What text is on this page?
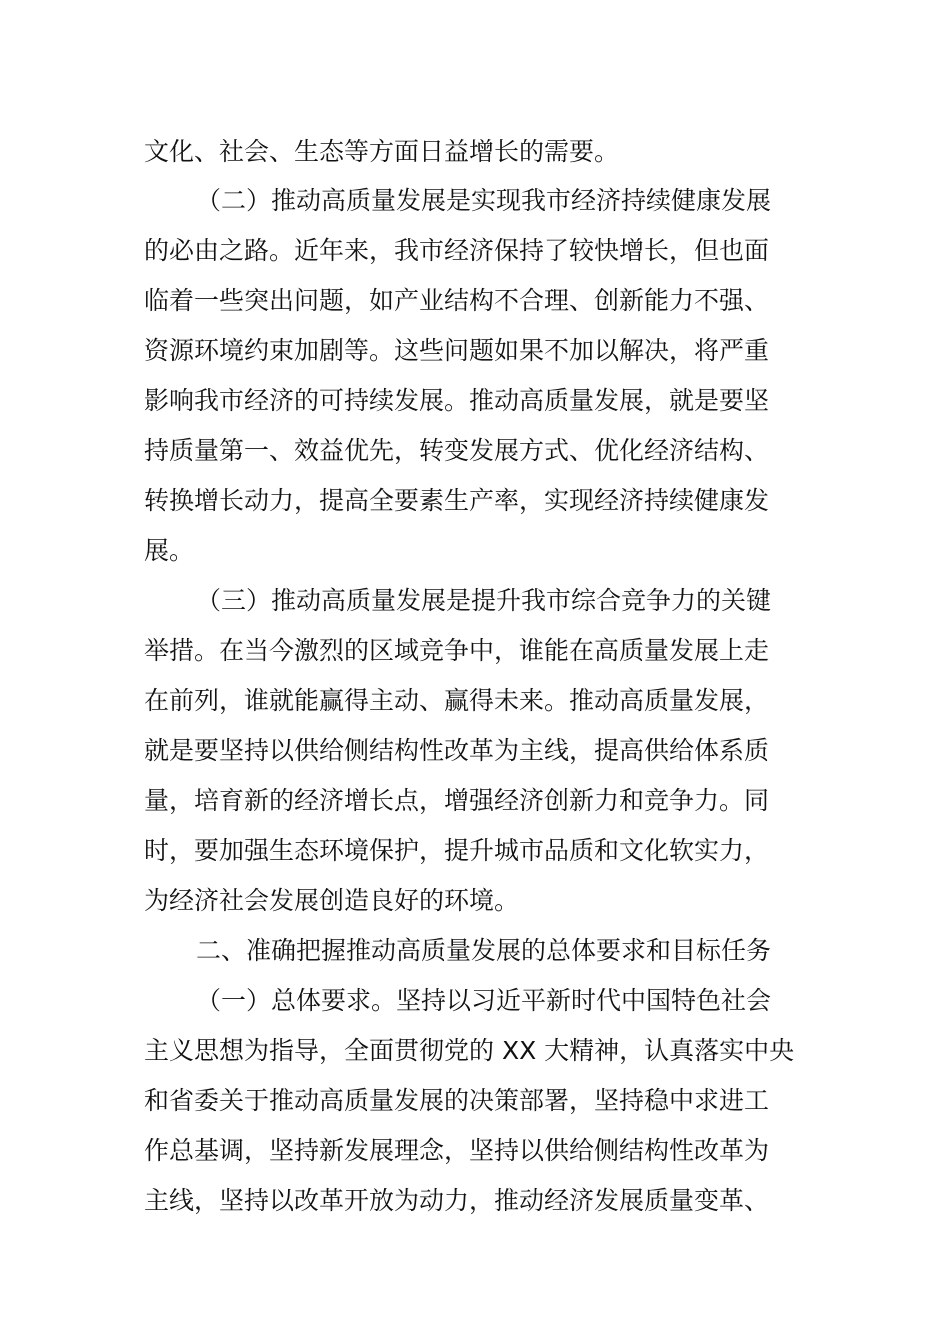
文化、社会、生态等方面日益增长的需要。
（二）推动高质量发展是实现我市经济持续健康发展
的必由之路。近年来，我市经济保持了较快增长，但也面
临着一些突出问题，如产业结构不合理、创新能力不强、
资源环境约束加剧等。这些问题如果不加以解决，将严重
影响我市经济的可持续发展。推动高质量发展，就是要坚
持质量第一、效益优先，转变发展方式、优化经济结构、
转换增长动力，提高全要素生产率，实现经济持续健康发
展。
（三）推动高质量发展是提升我市综合竞争力的关键
举措。在当今激烈的区域竞争中，谁能在高质量发展上走
在前列，谁就能赢得主动、赢得未来。推动高质量发展，
就是要坚持以供给侧结构性改革为主线，提高供给体系质
量，培育新的经济增长点，增强经济创新力和竞争力。同
时，要加强生态环境保护，提升城市品质和文化软实力，
为经济社会发展创造良好的环境。
二、准确把握推动高质量发展的总体要求和目标任务
（一）总体要求。坚持以习近平新时代中国特色社会
主义思想为指导，全面贯彻党的 XX 大精神，认真落实中央
和省委关于推动高质量发展的决策部署，坚持稳中求进工
作总基调，坚持新发展理念，坚持以供给侧结构性改革为
主线，坚持以改革开放为动力，推动经济发展质量变革、
